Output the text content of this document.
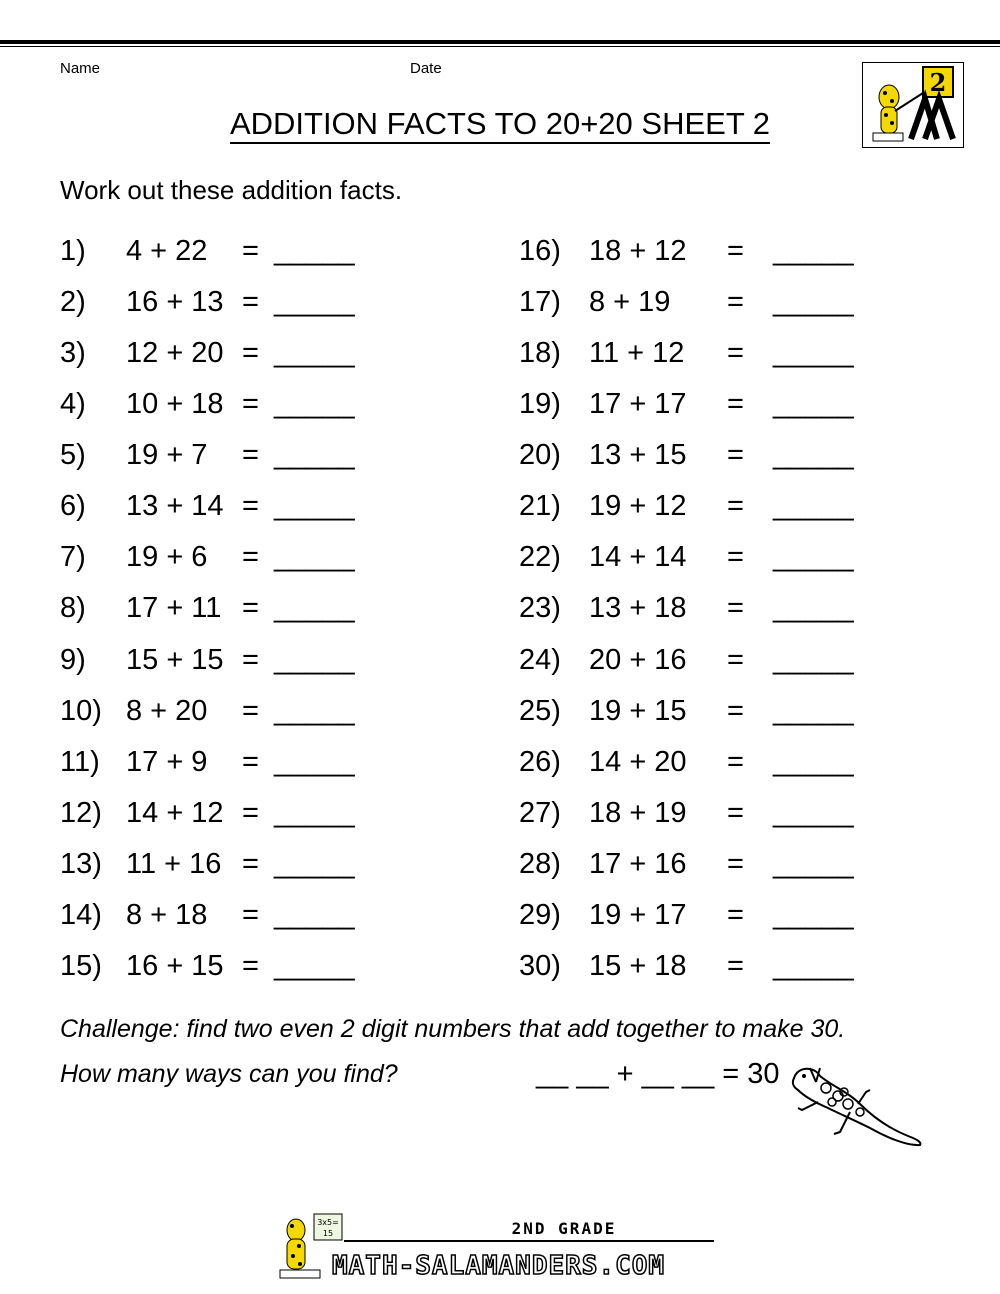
Name	Date
ADDITION FACTS TO 20+20 SHEET 2
2
Work out these addition facts.
1) 4 + 22 = _____
2) 16 + 13 = _____
3) 12 + 20 = _____
4) 10 + 18 = _____
5) 19 + 7 = _____
6) 13 + 14 = _____
7) 19 + 6 = _____
8) 17 + 11 = _____
9) 15 + 15 = _____
10) 8 + 20 = _____
11) 17 + 9 = _____
12) 14 + 12 = _____
13) 11 + 16 = _____
14) 8 + 18 = _____
15) 16 + 15 = _____
16) 18 + 12 = _____
17) 8 + 19 = _____
18) 11 + 12 = _____
19) 17 + 17 = _____
20) 13 + 15 = _____
21) 19 + 12 = _____
22) 14 + 14 = _____
23) 13 + 18 = _____
24) 20 + 16 = _____
25) 19 + 15 = _____
26) 14 + 20 = _____
27) 18 + 19 = _____
28) 17 + 16 = _____
29) 19 + 17 = _____
30) 15 + 18 = _____
Challenge: find two even 2 digit numbers that add together to make 30.
How many ways can you find?	__ __ + __ __ = 30
3x5=
15	2ND GRADE
MATH-SALAMANDERS.COM
